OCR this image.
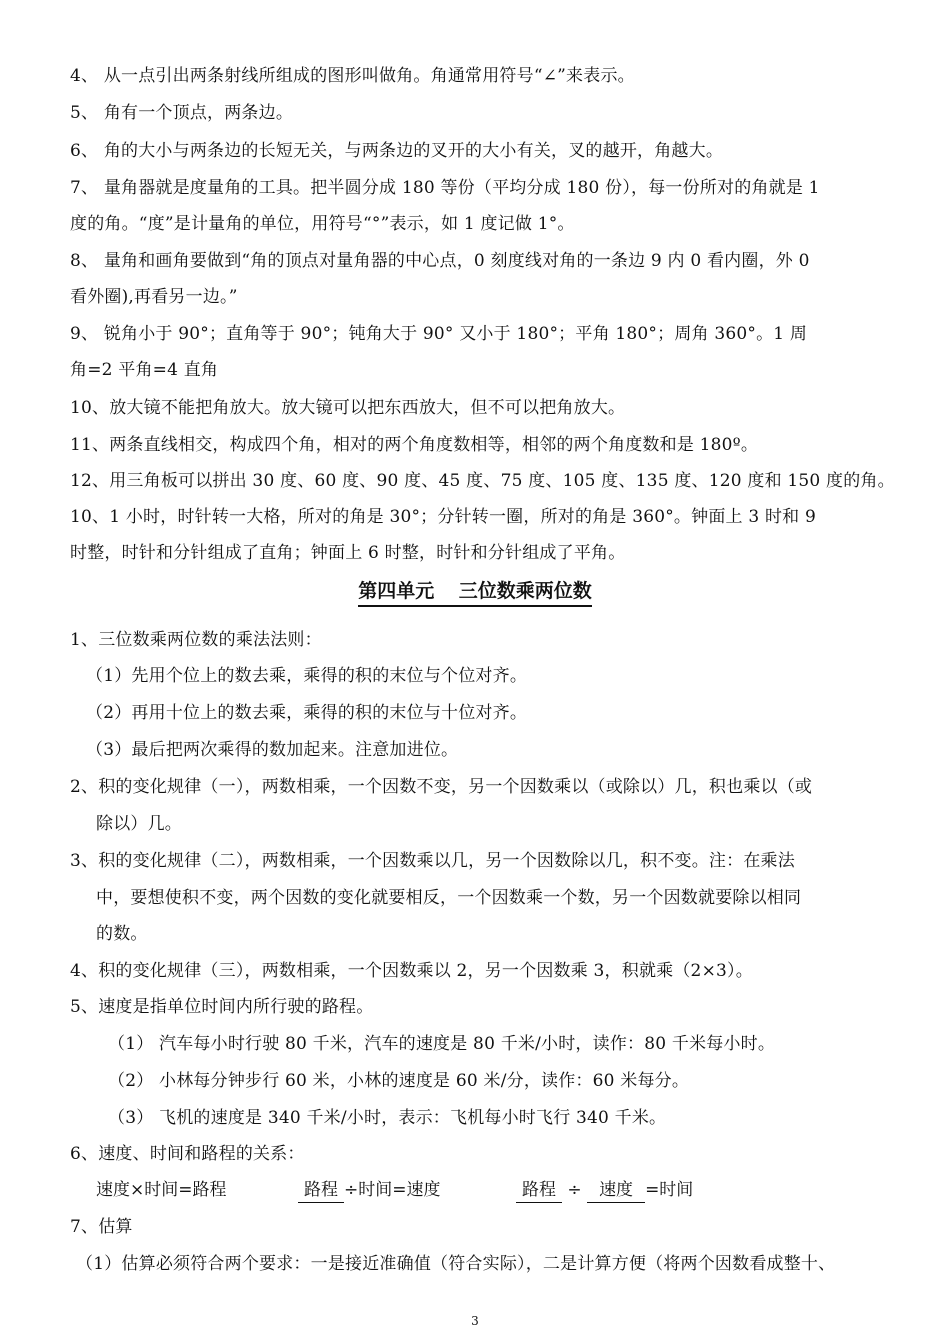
4、 从一点引出两条射线所组成的图形叫做角。角通常用符号“∠”来表示。
5、 角有一个顶点，两条边。
6、 角的大小与两条边的长短无关，与两条边的叉开的大小有关，叉的越开，角越大。
7、 量角器就是度量角的工具。把半圆分成 180 等份（平均分成 180 份），每一份所对的角就是 1
度的角。“度”是计量角的单位，用符号“°”表示，如 1 度记做 1°。
8、 量角和画角要做到“角的顶点对量角器的中心点，0 刻度线对角的一条边 9 内 0 看内圈，外 0
看外圈),再看另一边。”
9、 锐角小于 90°；直角等于 90°；钝角大于 90° 又小于 180°；平角 180°；周角 360°。1 周
角=2 平角=4 直角
10、放大镜不能把角放大。放大镜可以把东西放大，但不可以把角放大。
11、两条直线相交，构成四个角，相对的两个角度数相等，相邻的两个角度数和是 180º。
12、用三角板可以拼出 30 度、60 度、90 度、45 度、75 度、105 度、135 度、120 度和 150 度的角。
10、1 小时，时针转一大格，所对的角是 30°；分针转一圈，所对的角是 360°。钟面上 3 时和 9
时整，时针和分针组成了直角；钟面上 6 时整，时针和分针组成了平角。
第四单元 三位数乘两位数
1、三位数乘两位数的乘法法则：
（1）先用个位上的数去乘，乘得的积的末位与个位对齐。
（2）再用十位上的数去乘，乘得的积的末位与十位对齐。
（3）最后把两次乘得的数加起来。注意加进位。
2、积的变化规律（一），两数相乘，一个因数不变，另一个因数乘以（或除以）几，积也乘以（或
除以）几。
3、积的变化规律（二），两数相乘，一个因数乘以几，另一个因数除以几，积不变。注：在乘法
中，要想使积不变，两个因数的变化就要相反，一个因数乘一个数，另一个因数就要除以相同
的数。
4、积的变化规律（三），两数相乘，一个因数乘以 2，另一个因数乘 3，积就乘（2×3）。
5、速度是指单位时间内所行驶的路程。
（1） 汽车每小时行驶 80 千米，汽车的速度是 80 千米/小时，读作：80 千米每小时。
（2） 小林每分钟步行 60 米，小林的速度是 60 米/分，读作：60 米每分。
（3） 飞机的速度是 340 千米/小时，表示：飞机每小时飞行 340 千米。
6、速度、时间和路程的关系：
速度×时间=路程	路程 ÷时间=速度	路程 ÷ 速度 =时间
7、估算
（1）估算必须符合两个要求：一是接近准确值（符合实际），二是计算方便（将两个因数看成整十、
3
